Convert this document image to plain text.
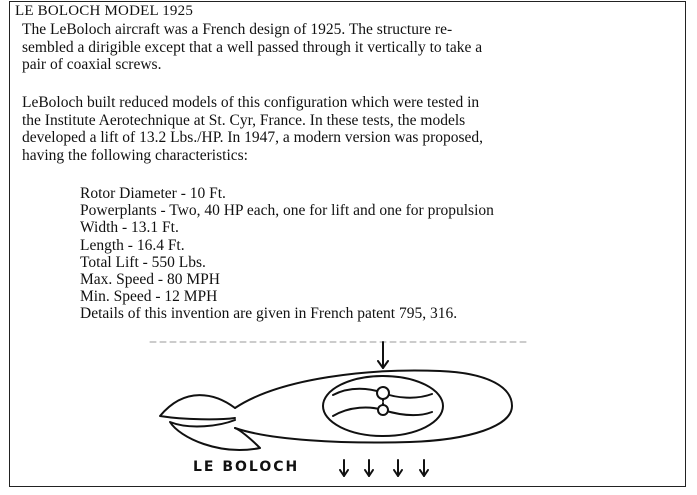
LE BOLOCH MODEL 1925

The LeBoloch aircraft was a French design of 1925. The structure re-
sembled a dirigible except that a well passed through it vertically to take a
pair of coaxial screws.

LeBoloch built reduced models of this configuration which were tested in
the Institute Aerotechnique at St. Cyr, France. In these tests, the models
developed a lift of 13.2 Lbs./HP. In 1947, a modern version was proposed,
having the following characteristics:

Rotor Diameter - 10 Ft.
Powerplants - Two, 40 HP each, one for lift and one for propulsion
Width - 13.1 Ft.
Length - 16.4 Ft.
Total Lift - 550 Lbs.
Max. Speed - 80 MPH
Min. Speed - 12 MPH
Details of this invention are given in French patent 795, 316.
LE BOLOCH
